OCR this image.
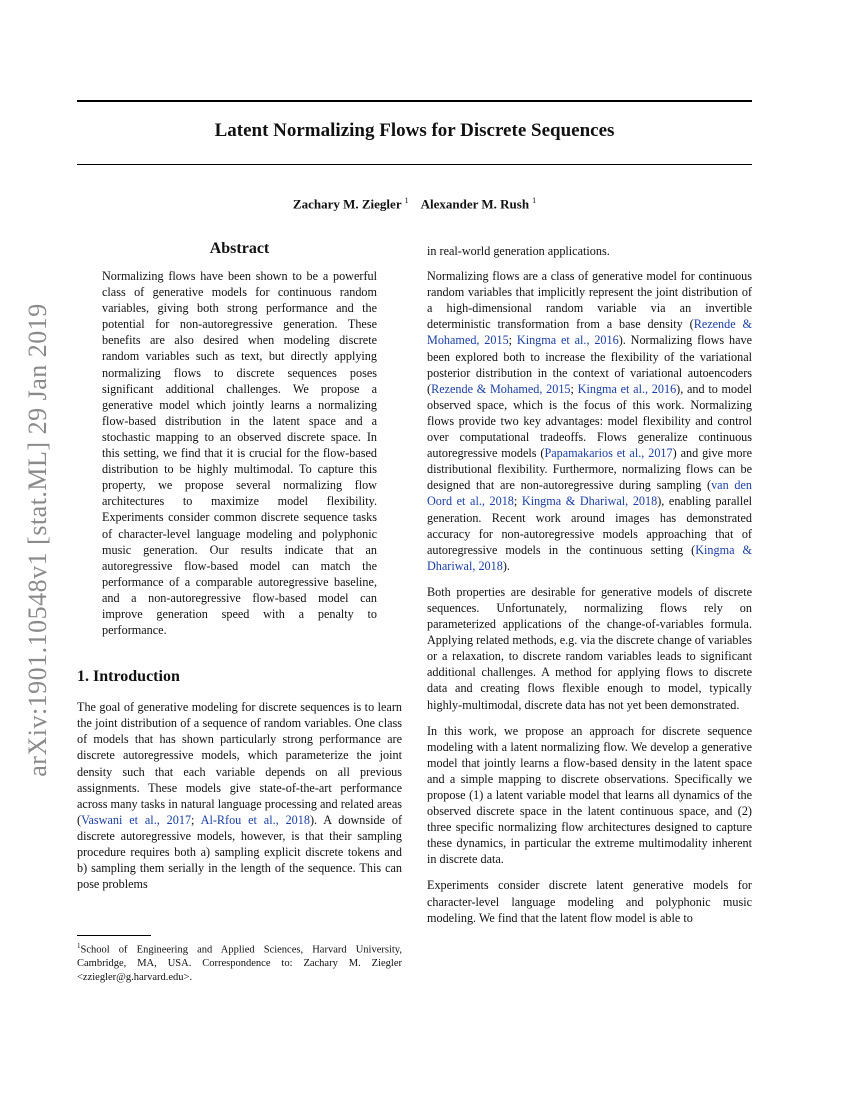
Latent Normalizing Flows for Discrete Sequences
Zachary M. Ziegler $^1$ Alexander M. Rush $^1$
arXiv:1901.10548v1 [stat.ML] 29 Jan 2019
Abstract

Normalizing flows have been shown to be a powerful class of generative models for continuous random variables, giving both strong performance and the potential for non-autoregressive generation. These benefits are also desired when modeling discrete random variables such as text, but directly applying normalizing flows to discrete sequences poses significant additional challenges. We propose a generative model which jointly learns a normalizing flow-based distribution in the latent space and a stochastic mapping to an observed discrete space. In this setting, we find that it is crucial for the flow-based distribution to be highly multimodal. To capture this property, we propose several normalizing flow architectures to maximize model flexibility. Experiments consider common discrete sequence tasks of character-level language modeling and polyphonic music generation. Our results indicate that an autoregressive flow-based model can match the performance of a comparable autoregressive baseline, and a non-autoregressive flow-based model can improve generation speed with a penalty to performance.

1. Introduction

The goal of generative modeling for discrete sequences is to learn the joint distribution of a sequence of random variables. One class of models that has shown particularly strong performance are discrete autoregressive models, which parameterize the joint density such that each variable depends on all previous assignments. These models give state-of-the-art performance across many tasks in natural language processing and related areas (Vaswani et al., 2017; Al-Rfou et al., 2018). A downside of discrete autoregressive models, however, is that their sampling procedure requires both a) sampling explicit discrete tokens and b) sampling them serially in the length of the sequence. This can pose problems

in real-world generation applications.

Normalizing flows are a class of generative model for continuous random variables that implicitly represent the joint distribution of a high-dimensional random variable via an invertible deterministic transformation from a base density (Rezende & Mohamed, 2015; Kingma et al., 2016). Normalizing flows have been explored both to increase the flexibility of the variational posterior distribution in the context of variational autoencoders (Rezende & Mohamed, 2015; Kingma et al., 2016), and to model observed space, which is the focus of this work. Normalizing flows provide two key advantages: model flexibility and control over computational tradeoffs. Flows generalize continuous autoregressive models (Papamakarios et al., 2017) and give more distributional flexibility. Furthermore, normalizing flows can be designed that are non-autoregressive during sampling (van den Oord et al., 2018; Kingma & Dhariwal, 2018), enabling parallel generation. Recent work around images has demonstrated accuracy for non-autoregressive models approaching that of autoregressive models in the continuous setting (Kingma & Dhariwal, 2018).

Both properties are desirable for generative models of discrete sequences. Unfortunately, normalizing flows rely on parameterized applications of the change-of-variables formula. Applying related methods, e.g. via the discrete change of variables or a relaxation, to discrete random variables leads to significant additional challenges. A method for applying flows to discrete data and creating flows flexible enough to model, typically highly-multimodal, discrete data has not yet been demonstrated.

In this work, we propose an approach for discrete sequence modeling with a latent normalizing flow. We develop a generative model that jointly learns a flow-based density in the latent space and a simple mapping to discrete observations. Specifically we propose (1) a latent variable model that learns all dynamics of the observed discrete space in the latent continuous space, and (2) three specific normalizing flow architectures designed to capture these dynamics, in particular the extreme multimodality inherent in discrete data.

Experiments consider discrete latent generative models for character-level language modeling and polyphonic music modeling. We find that the latent flow model is able to

$^1$School of Engineering and Applied Sciences, Harvard University, Cambridge, MA, USA. Correspondence to: Zachary M. Ziegler <zziegler@g.harvard.edu>.
